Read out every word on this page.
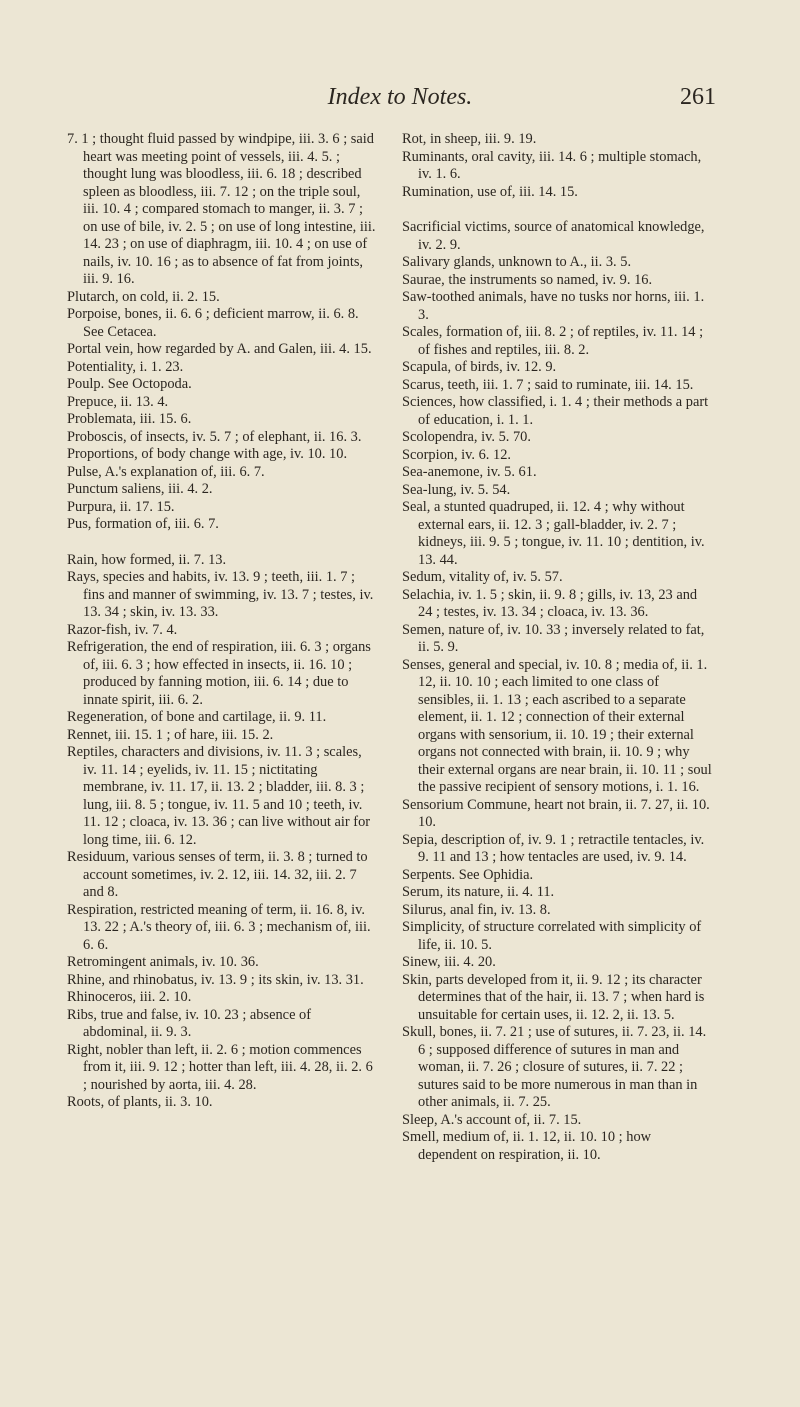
Index to Notes.	261

7. 1 ; thought fluid passed by windpipe, iii. 3. 6 ; said heart was meeting point of vessels, iii. 4. 5. ; thought lung was bloodless, iii. 6. 18 ; described spleen as bloodless, iii. 7. 12 ; on the triple soul, iii. 10. 4 ; compared stomach to manger, ii. 3. 7 ; on use of bile, iv. 2. 5 ; on use of long intestine, iii. 14. 23 ; on use of diaphragm, iii. 10. 4 ; on use of nails, iv. 10. 16 ; as to absence of fat from joints, iii. 9. 16.

Plutarch, on cold, ii. 2. 15.

Porpoise, bones, ii. 6. 6 ; deficient marrow, ii. 6. 8. See Cetacea.

Portal vein, how regarded by A. and Galen, iii. 4. 15.

Potentiality, i. 1. 23.

Poulp. See Octopoda.

Prepuce, ii. 13. 4.

Problemata, iii. 15. 6.

Proboscis, of insects, iv. 5. 7 ; of elephant, ii. 16. 3.

Proportions, of body change with age, iv. 10. 10.

Pulse, A.'s explanation of, iii. 6. 7.

Punctum saliens, iii. 4. 2.

Purpura, ii. 17. 15.

Pus, formation of, iii. 6. 7.

Rain, how formed, ii. 7. 13.

Rays, species and habits, iv. 13. 9 ; teeth, iii. 1. 7 ; fins and manner of swimming, iv. 13. 7 ; testes, iv. 13. 34 ; skin, iv. 13. 33.

Razor-fish, iv. 7. 4.

Refrigeration, the end of respiration, iii. 6. 3 ; organs of, iii. 6. 3 ; how effected in insects, ii. 16. 10 ; produced by fanning motion, iii. 6. 14 ; due to innate spirit, iii. 6. 2.

Regeneration, of bone and cartilage, ii. 9. 11.

Rennet, iii. 15. 1 ; of hare, iii. 15. 2.

Reptiles, characters and divisions, iv. 11. 3 ; scales, iv. 11. 14 ; eyelids, iv. 11. 15 ; nictitating membrane, iv. 11. 17, ii. 13. 2 ; bladder, iii. 8. 3 ; lung, iii. 8. 5 ; tongue, iv. 11. 5 and 10 ; teeth, iv. 11. 12 ; cloaca, iv. 13. 36 ; can live without air for long time, iii. 6. 12.

Residuum, various senses of term, ii. 3. 8 ; turned to account sometimes, iv. 2. 12, iii. 14. 32, iii. 2. 7 and 8.

Respiration, restricted meaning of term, ii. 16. 8, iv. 13. 22 ; A.'s theory of, iii. 6. 3 ; mechanism of, iii. 6. 6.

Retromingent animals, iv. 10. 36.

Rhine, and rhinobatus, iv. 13. 9 ; its skin, iv. 13. 31.

Rhinoceros, iii. 2. 10.

Ribs, true and false, iv. 10. 23 ; absence of abdominal, ii. 9. 3.

Right, nobler than left, ii. 2. 6 ; motion commences from it, iii. 9. 12 ; hotter than left, iii. 4. 28, ii. 2. 6 ; nourished by aorta, iii. 4. 28.

Roots, of plants, ii. 3. 10.

Rot, in sheep, iii. 9. 19.

Ruminants, oral cavity, iii. 14. 6 ; multiple stomach, iv. 1. 6.

Rumination, use of, iii. 14. 15.

Sacrificial victims, source of anatomical knowledge, iv. 2. 9.

Salivary glands, unknown to A., ii. 3. 5.

Saurae, the instruments so named, iv. 9. 16.

Saw-toothed animals, have no tusks nor horns, iii. 1. 3.

Scales, formation of, iii. 8. 2 ; of reptiles, iv. 11. 14 ; of fishes and reptiles, iii. 8. 2.

Scapula, of birds, iv. 12. 9.

Scarus, teeth, iii. 1. 7 ; said to ruminate, iii. 14. 15.

Sciences, how classified, i. 1. 4 ; their methods a part of education, i. 1. 1.

Scolopendra, iv. 5. 70.

Scorpion, iv. 6. 12.

Sea-anemone, iv. 5. 61.

Sea-lung, iv. 5. 54.

Seal, a stunted quadruped, ii. 12. 4 ; why without external ears, ii. 12. 3 ; gall-bladder, iv. 2. 7 ; kidneys, iii. 9. 5 ; tongue, iv. 11. 10 ; dentition, iv. 13. 44.

Sedum, vitality of, iv. 5. 57.

Selachia, iv. 1. 5 ; skin, ii. 9. 8 ; gills, iv. 13, 23 and 24 ; testes, iv. 13. 34 ; cloaca, iv. 13. 36.

Semen, nature of, iv. 10. 33 ; inversely related to fat, ii. 5. 9.

Senses, general and special, iv. 10. 8 ; media of, ii. 1. 12, ii. 10. 10 ; each limited to one class of sensibles, ii. 1. 13 ; each ascribed to a separate element, ii. 1. 12 ; connection of their external organs with sensorium, ii. 10. 19 ; their external organs not connected with brain, ii. 10. 9 ; why their external organs are near brain, ii. 10. 11 ; soul the passive recipient of sensory motions, i. 1. 16.

Sensorium Commune, heart not brain, ii. 7. 27, ii. 10. 10.

Sepia, description of, iv. 9. 1 ; retractile tentacles, iv. 9. 11 and 13 ; how tentacles are used, iv. 9. 14.

Serpents. See Ophidia.

Serum, its nature, ii. 4. 11.

Silurus, anal fin, iv. 13. 8.

Simplicity, of structure correlated with simplicity of life, ii. 10. 5.

Sinew, iii. 4. 20.

Skin, parts developed from it, ii. 9. 12 ; its character determines that of the hair, ii. 13. 7 ; when hard is unsuitable for certain uses, ii. 12. 2, ii. 13. 5.

Skull, bones, ii. 7. 21 ; use of sutures, ii. 7. 23, ii. 14. 6 ; supposed difference of sutures in man and woman, ii. 7. 26 ; closure of sutures, ii. 7. 22 ; sutures said to be more numerous in man than in other animals, ii. 7. 25.

Sleep, A.'s account of, ii. 7. 15.

Smell, medium of, ii. 1. 12, ii. 10. 10 ; how dependent on respiration, ii. 10.
